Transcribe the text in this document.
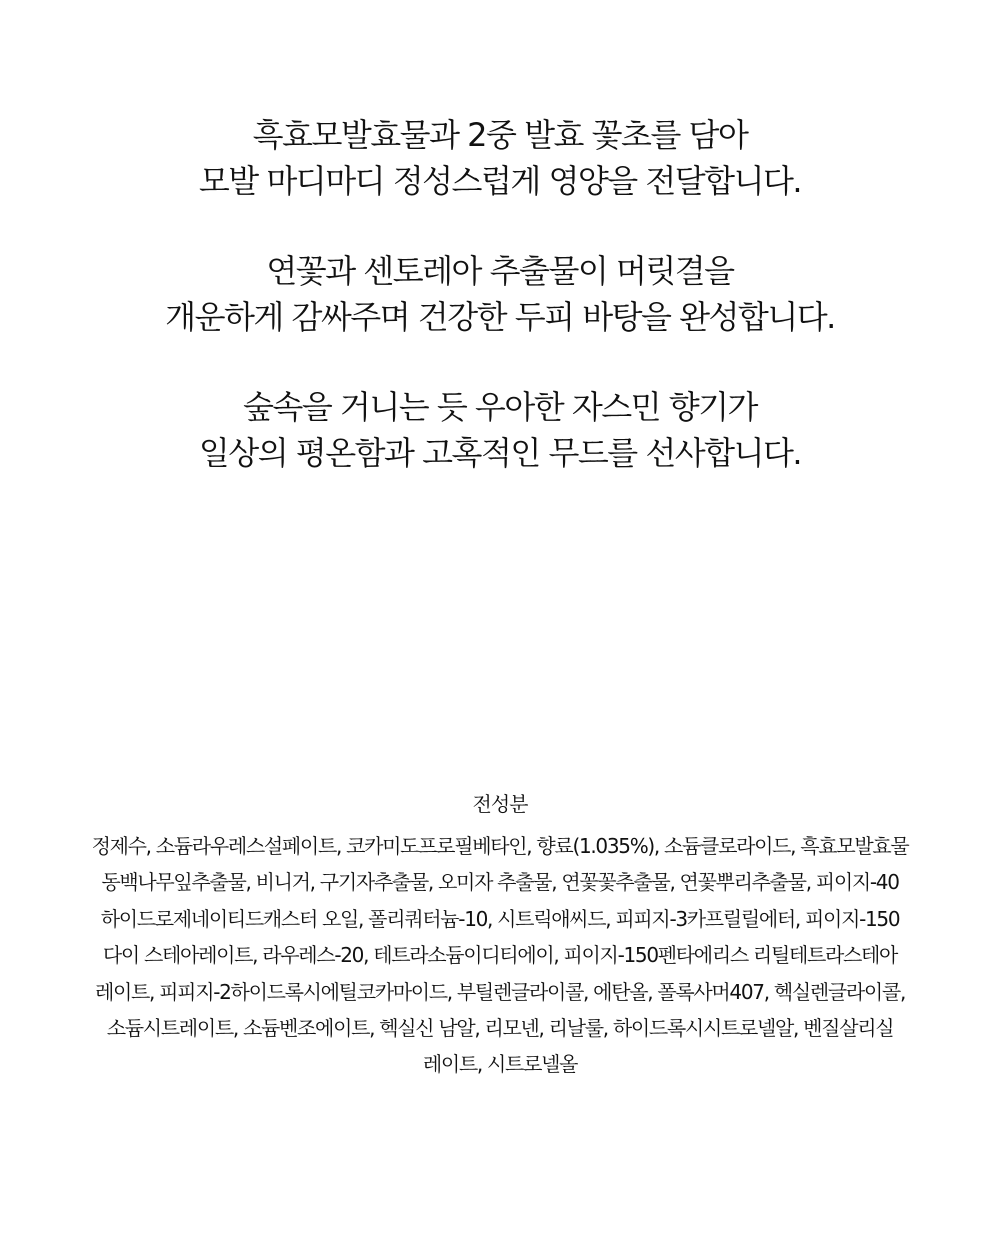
흑효모발효물과 2중 발효 꽃초를 담아
모발 마디마디 정성스럽게 영양을 전달합니다.
연꽃과 센토레아 추출물이 머릿결을
개운하게 감싸주며 건강한 두피 바탕을 완성합니다.
숲속을 거니는 듯 우아한 자스민 향기가
일상의 평온함과 고혹적인 무드를 선사합니다.
전성분
정제수, 소듐라우레스설페이트, 코카미도프로필베타인, 향료(1.035%), 소듐클로라이드, 흑효모발효물
동백나무잎추출물, 비니거, 구기자추출물, 오미자 추출물, 연꽃꽃추출물, 연꽃뿌리추출물, 피이지-40
하이드로제네이티드캐스터 오일, 폴리쿼터늄-10, 시트릭애씨드, 피피지-3카프릴릴에터, 피이지-150
다이 스테아레이트, 라우레스-20, 테트라소듐이디티에이, 피이지-150펜타에리스 리틸테트라스테아
레이트, 피피지-2하이드록시에틸코카마이드, 부틸렌글라이콜, 에탄올, 폴록사머407, 헥실렌글라이콜,
소듐시트레이트, 소듐벤조에이트, 헥실신 남알, 리모넨, 리날룰, 하이드록시시트로넬알, 벤질살리실
레이트, 시트로넬올
